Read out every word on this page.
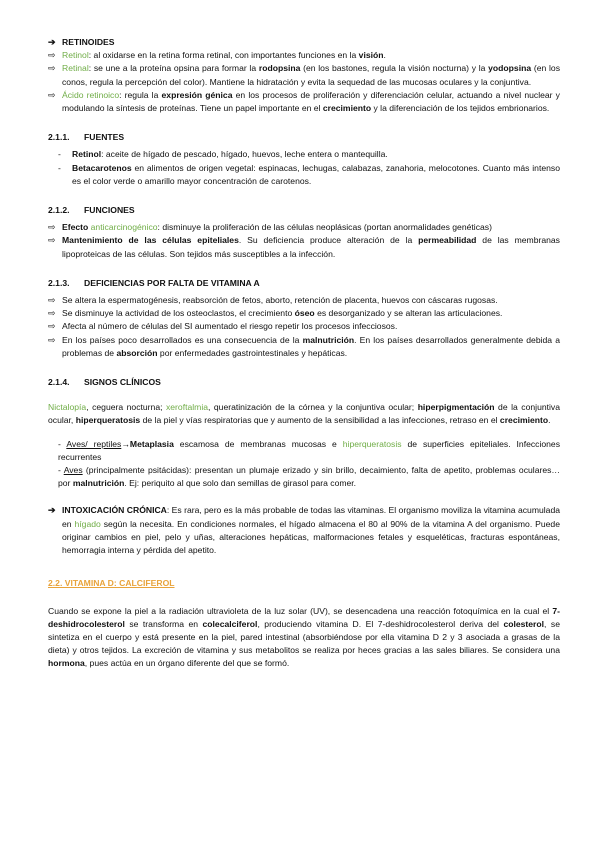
➔ RETINOIDES
⇨ Retinol: al oxidarse en la retina forma retinal, con importantes funciones en la visión.
⇨ Retinal: se une a la proteína opsina para formar la rodopsina (en los bastones, regula la visión nocturna) y la yodopsina (en los conos, regula la percepción del color). Mantiene la hidratación y evita la sequedad de las mucosas oculares y la conjuntiva.
⇨ Ácido retinoico: regula la expresión génica en los procesos de proliferación y diferenciación celular, actuando a nivel nuclear y modulando la síntesis de proteínas. Tiene un papel importante en el crecimiento y la diferenciación de los tejidos embrionarios.
2.1.1.	FUENTES
-	Retinol: aceite de hígado de pescado, hígado, huevos, leche entera o mantequilla.
-	Betacarotenos en alimentos de origen vegetal: espinacas, lechugas, calabazas, zanahoria, melocotones. Cuanto más intenso es el color verde o amarillo mayor concentración de carotenos.
2.1.2.	FUNCIONES
⇨ Efecto anticarcinogénico: disminuye la proliferación de las células neoplásicas (portan anormalidades genéticas)
⇨ Mantenimiento de las células epiteliales. Su deficiencia produce alteración de la permeabilidad de las membranas lipoproteicas de las células. Son tejidos más susceptibles a la infección.
2.1.3.	DEFICIENCIAS POR FALTA DE VITAMINA A
⇨ Se altera la espermatogénesis, reabsorción de fetos, aborto, retención de placenta, huevos con cáscaras rugosas.
⇨ Se disminuye la actividad de los osteoclastos, el crecimiento óseo es desorganizado y se alteran las articulaciones.
⇨ Afecta al número de células del SI aumentado el riesgo repetir los procesos infecciosos.
⇨ En los países poco desarrollados es una consecuencia de la malnutrición. En los países desarrollados generalmente debida a problemas de absorción por enfermedades gastrointestinales y hepáticas.
2.1.4.	SIGNOS CLÍNICOS

Nictalopía, ceguera nocturna; xeroftalmia, queratinización de la córnea y la conjuntiva ocular; hiperpigmentación de la conjuntiva ocular, hiperqueratosis de la piel y vías respiratorias que y aumento de la sensibilidad a las infecciones, retraso en el crecimiento.

- Aves/ reptiles→Metaplasia escamosa de membranas mucosas e hiperqueratosis de superficies epiteliales. Infecciones recurrentes

- Aves (principalmente psitácidas): presentan un plumaje erizado y sin brillo, decaimiento, falta de apetito, problemas oculares… por malnutrición. Ej: periquito al que solo dan semillas de girasol para comer.

➔ INTOXICACIÓN CRÓNICA: Es rara, pero es la más probable de todas las vitaminas. El organismo moviliza la vitamina acumulada en hígado según la necesita. En condiciones normales, el hígado almacena el 80 al 90% de la vitamina A del organismo. Puede originar cambios en piel, pelo y uñas, alteraciones hepáticas, malformaciones fetales y esqueléticas, fracturas espontáneas, hemorragia interna y pérdida del apetito.
2.2. VITAMINA D: CALCIFEROL

Cuando se expone la piel a la radiación ultravioleta de la luz solar (UV), se desencadena una reacción fotoquímica en la cual el 7-deshidrocolesterol se transforma en colecalciferol, produciendo vitamina D. El 7-deshidrocolesterol deriva del colesterol, se sintetiza en el cuerpo y está presente en la piel, pared intestinal (absorbiéndose por ella vitamina D 2 y 3 asociada a grasas de la dieta) y otros tejidos. La excreción de vitamina y sus metabolitos se realiza por heces gracias a las sales biliares. Se considera una hormona, pues actúa en un órgano diferente del que se formó.
